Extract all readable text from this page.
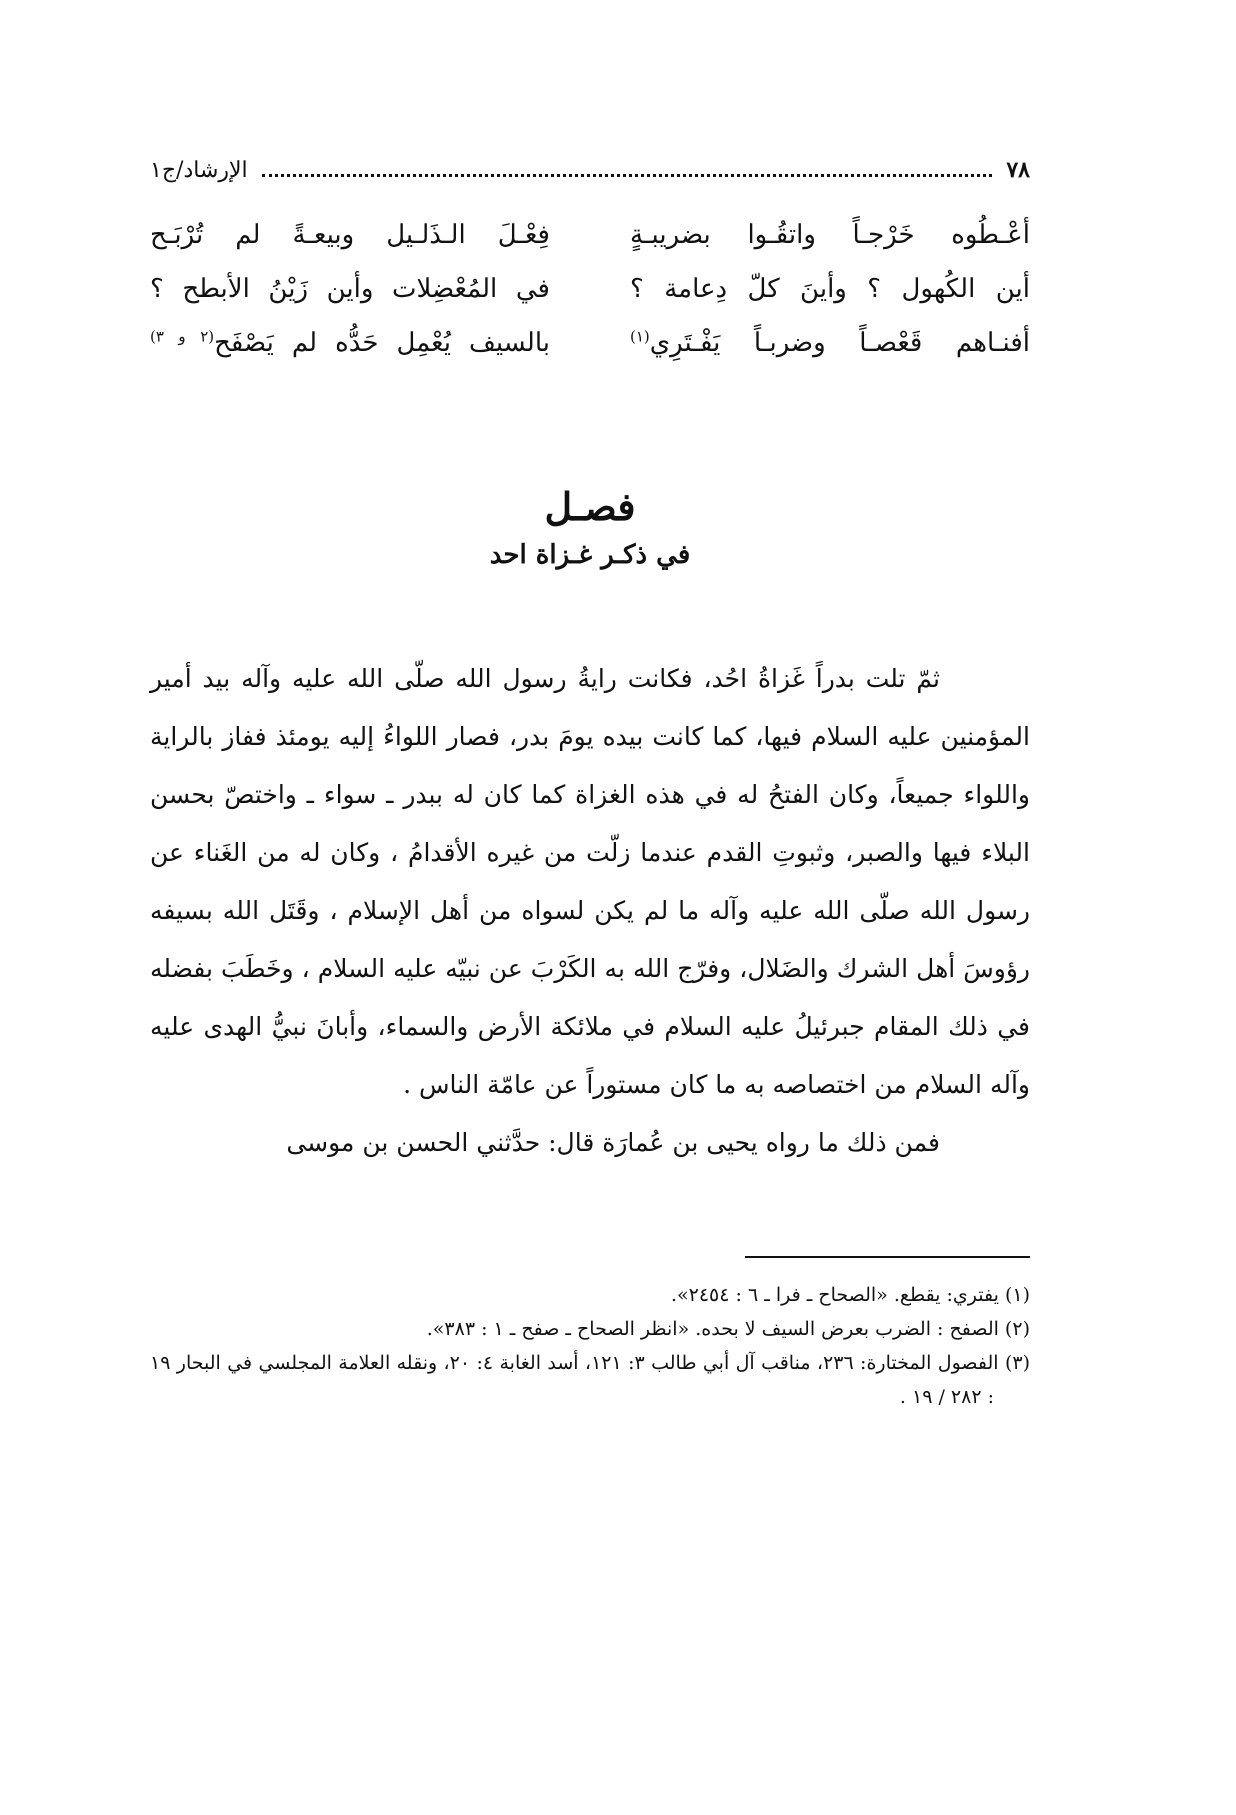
٧٨
الإرشاد/ج١
أعْـطُوه خَرْجـاً واتقُـوا بضريبـةٍ
فِعْـلَ الـذَلـيل وبيعـةً لم تُرْبَـح
أين الكُهول ؟ وأينَ كلّ دِعامة ؟
في المُعْضِلات وأين زَيْنُ الأبطح ؟
أفنـاهم قَعْصـاً وضربـاً يَفْـتَرِي$^{(١)}$
بالسيف يُعْمِل حَدُّه لم يَصْفَح$^{(٢ و ٣)}$
فصـل
في ذكـر غـزاة احد

ثمّ تلت بدراً غَزاةُ احُد، فكانت رايةُ رسول الله صلّى الله عليه وآله بيد أمير المؤمنين عليه السلام فيها، كما كانت بيده يومَ بدر، فصار اللواءُ إليه يومئذ ففاز بالراية واللواء جميعاً، وكان الفتحُ له في هذه الغزاة كما كان له ببدر ـ سواء ـ واختصّ بحسن البلاء فيها والصبر، وثبوتِ القدم عندما زلّت من غيره الأقدامُ ، وكان له من الغَناء عن رسول الله صلّى الله عليه وآله ما لم يكن لسواه من أهل الإسلام ، وقَتَل الله بسيفه رؤوسَ أهل الشرك والضَلال، وفرّج الله به الكَرْبَ عن نبيّه عليه السلام ، وخَطَبَ بفضله في ذلك المقام جبرئيلُ عليه السلام في ملائكة الأرض والسماء، وأبانَ نبيُّ الهدى عليه وآله السلام من اختصاصه به ما كان مستوراً عن عامّة الناس .

فمن ذلك ما رواه يحيى بن عُمارَة قال: حدَّثني الحسن بن موسى

(١) يفتري: يقطع. «الصحاح ـ فرا ـ ٦ : ٢٤٥٤».

(٢) الصفح : الضرب بعرض السيف لا بحده. «انظر الصحاح ـ صفح ـ ١ : ٣٨٣».

(٣) الفصول المختارة: ٢٣٦، مناقب آل أبي طالب ٣: ١٢١، أسد الغابة ٤: ٢٠، ونقله العلامة المجلسي في البحار ١٩ : ٢٨٢ / ١٩ .
